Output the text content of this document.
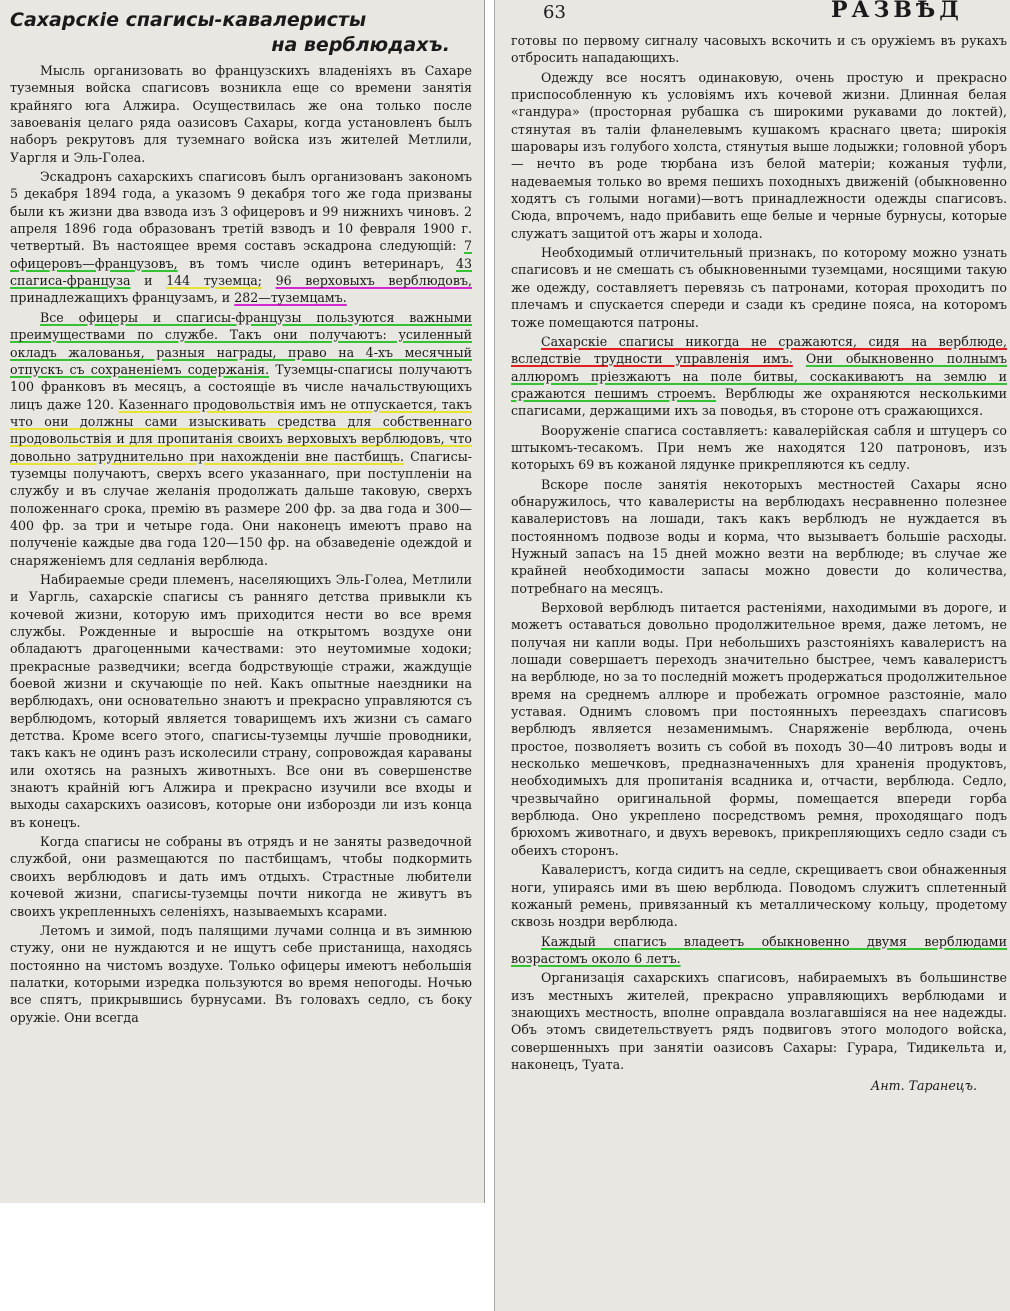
Сахарскiе спагисы-кавалеристы
на верблюдахъ.

Мысль организовать во французскихъ владенiяхъ въ Сахаре туземныя войска спагисовъ возникла еще со времени занятiя крайняго юга Алжира. Осуществилась же она только после завоеванiя целаго ряда оазисовъ Сахары, когда установленъ былъ наборъ рекрутовъ для туземнаго войска изъ жителей Метлили, Уаргля и Эль-Голеа.

Эскадронъ сахарскихъ спагисовъ былъ организованъ закономъ 5 декабря 1894 года, а указомъ 9 декабря того же года призваны были къ жизни два взвода изъ 3 офицеровъ и 99 нижнихъ чиновъ. 2 апреля 1896 года образованъ третiй взводъ и 10 февраля 1900 г. четвертый. Въ настоящее время составъ эскадрона следующiй: 7 офицеровъ—французовъ, въ томъ числе одинъ ветеринаръ, 43 спагиса-француза и 144 туземца; 96 верховыхъ верблюдовъ, принадлежащихъ французамъ, и 282—туземцамъ.

Все офицеры и спагисы-французы пользуются важными преимуществами по службе. Такъ они получаютъ: усиленный окладъ жалованья, разныя награды, право на 4-хъ месячный отпускъ съ сохраненiемъ содержанiя. Туземцы-спагисы получаютъ 100 франковъ въ месяцъ, а состоящiе въ числе начальствующихъ лицъ даже 120. Казеннаго продовольствiя имъ не отпускается, такъ что они должны сами изыскивать средства для собственнаго продовольствiя и для пропитанiя своихъ верховыхъ верблюдовъ, что довольно затруднительно при нахожденiи вне пастбищъ. Спагисы-туземцы получаютъ, сверхъ всего указаннаго, при поступленiи на службу и въ случае желанiя продолжать дальше таковую, сверхъ положеннаго срока, премiю въ размере 200 фр. за два года и 300—400 фр. за три и четыре года. Они наконецъ имеютъ право на полученiе каждые два года 120—150 фр. на обзаведенiе одеждой и снаряженiемъ для седланiя верблюда.

Набираемые среди племенъ, населяющихъ Эль-Голеа, Метлили и Уаргль, сахарскiе спагисы съ ранняго детства привыкли къ кочевой жизни, которую имъ приходится нести во все время службы. Рожденные и выросшiе на открытомъ воздухе они обладаютъ драгоценными качествами: это неутомимые ходоки; прекрасные разведчики; всегда бодрствующiе стражи, жаждущiе боевой жизни и скучающiе по ней. Какъ опытные наездники на верблюдахъ, они основательно знаютъ и прекрасно управляются съ верблюдомъ, который является товарищемъ ихъ жизни съ самаго детства. Кроме всего этого, спагисы-туземцы лучшiе проводники, такъ какъ не одинъ разъ исколесили страну, сопровождая караваны или охотясь на разныхъ животныхъ. Все они въ совершенстве знаютъ крайнiй югъ Алжира и прекрасно изучили все входы и выходы сахарскихъ оазисовъ, которые они изборозди ли изъ конца въ конецъ.

Когда спагисы не собраны въ отрядъ и не заняты разведочной службой, они размещаются по пастбищамъ, чтобы подкормить своихъ верблюдовъ и дать имъ отдыхъ. Страстные любители кочевой жизни, спагисы-туземцы почти никогда не живутъ въ своихъ укрепленныхъ селенiяхъ, называемыхъ ксарами.

Летомъ и зимой, подъ палящими лучами солнца и въ зимнюю стужу, они не нуждаются и не ищутъ себе пристанища, находясь постоянно на чистомъ воздухе. Только офицеры имеютъ небольшiя палатки, которыми изредка пользуются во время непогоды. Ночью все спятъ, прикрывшись бурнусами. Въ головахъ седло, съ боку оружiе. Они всегда

63	РАЗВѢД

готовы по первому сигналу часовыхъ вскочить и съ оружiемъ въ рукахъ отбросить нападающихъ.

Одежду все носятъ одинаковую, очень простую и прекрасно приспособленную къ условiямъ ихъ кочевой жизни. Длинная белая «гандура» (просторная рубашка съ широкими рукавами до локтей), стянутая въ талiи фланелевымъ кушакомъ краснаго цвета; широкiя шаровары изъ голубого холста, стянутыя выше лодыжки; головной уборъ — нечто въ роде тюрбана изъ белой матерiи; кожаныя туфли, надеваемыя только во время пешихъ походныхъ движенiй (обыкновенно ходятъ съ голыми ногами)—вотъ принадлежности одежды спагисовъ. Сюда, впрочемъ, надо прибавить еще белые и черные бурнусы, которые служатъ защитой отъ жары и холода.

Необходимый отличительный признакъ, по которому можно узнать спагисовъ и не смешать съ обыкновенными туземцами, носящими такую же одежду, составляетъ перевязь съ патронами, которая проходитъ по плечамъ и спускается спереди и сзади къ срединe пояса, на которомъ тоже помещаются патроны.

Сахарскiе спагисы никогда не сражаются, сидя на верблюде, вследствiе трудности управленiя имъ. Они обыкновенно полнымъ аллюромъ прiезжаютъ на поле битвы, соскакиваютъ на землю и сражаются пешимъ строемъ. Верблюды же охраняются несколькими спагисами, держащими ихъ за поводья, въ сторонe отъ сражающихся.

Вооруженiе спагиса составляетъ: кавалерiйская сабля и штуцеръ со штыкомъ-тесакомъ. При немъ же находятся 120 патроновъ, изъ которыхъ 69 въ кожаной лядунке прикрепляются къ седлу.

Вскоре после занятiя некоторыхъ местностей Сахары ясно обнаружилось, что кавалеристы на верблюдахъ несравненно полезнее кавалеристовъ на лошади, такъ какъ верблюдъ не нуждается въ постоянномъ подвозе воды и корма, что вызываетъ большiе расходы. Нужный запасъ на 15 дней можно везти на верблюде; въ случае же крайней необходимости запасы можно довести до количества, потребнаго на месяцъ.

Верховой верблюдъ питается растенiями, находимыми въ дороге, и можетъ оставаться довольно продолжительное время, даже летомъ, не получая ни капли воды. При небольшихъ разстоянiяхъ кавалеристъ на лошади совершаетъ переходъ значительно быстрее, чемъ кавалеристъ на верблюде, но за то последнiй можетъ продержаться продолжительное время на среднемъ аллюре и пробежать огромное разстоянiе, мало уставая. Однимъ словомъ при постоянныхъ переездахъ спагисовъ верблюдъ является незаменимымъ. Снаряженiе верблюда, очень простое, позволяетъ возить съ собой въ походъ 30—40 литровъ воды и несколько мешечковъ, предназначенныхъ для храненiя продуктовъ, необходимыхъ для пропитанiя всадника и, отчасти, верблюда. Седло, чрезвычайно оригинальной формы, помещается впереди горба верблюда. Оно укреплено посредствомъ ремня, проходящаго подъ брюхомъ животнаго, и двухъ веревокъ, прикрепляющихъ седло сзади съ обеихъ сторонъ.

Кавалеристъ, когда сидитъ на седле, скрещиваетъ свои обнаженныя ноги, упираясь ими въ шею верблюда. Поводомъ служитъ сплетенный кожаный ремень, привязанный къ металлическому кольцу, продетому сквозь ноздри верблюда.

Каждый спагисъ владеетъ обыкновенно двумя верблюдами возрастомъ около 6 летъ.

Организацiя сахарскихъ спагисовъ, набираемыхъ въ большинстве изъ местныхъ жителей, прекрасно управляющихъ верблюдами и знающихъ местность, вполне оправдала возлагавшiяся на нее надежды. Объ этомъ свидетельствуетъ рядъ подвиговъ этого молодого войска, совершенныхъ при занятiи оазисовъ Сахары: Гурара, Тидикельта и, наконецъ, Туата.

Ант. Таранецъ.
